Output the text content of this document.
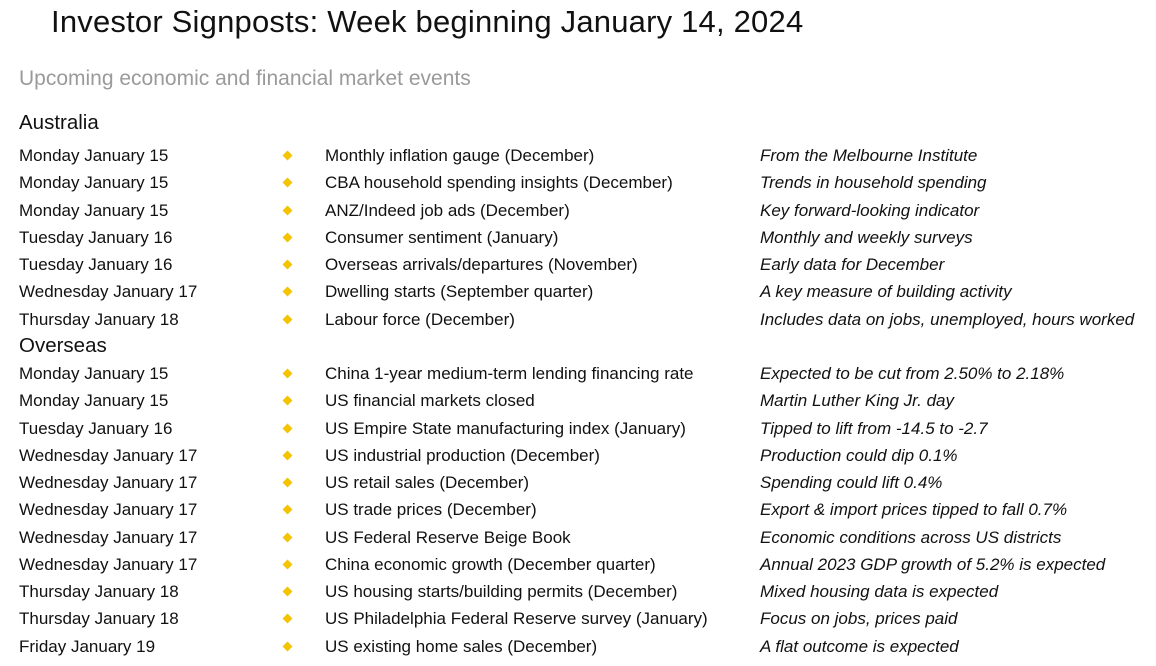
Investor Signposts: Week beginning January 14, 2024
Upcoming economic and financial market events
Australia
Monday January 15	Monthly inflation gauge (December)	From the Melbourne Institute
Monday January 15	CBA household spending insights (December)	Trends in household spending
Monday January 15	ANZ/Indeed job ads (December)	Key forward-looking indicator
Tuesday January 16	Consumer sentiment (January)	Monthly and weekly surveys
Tuesday January 16	Overseas arrivals/departures (November)	Early data for December
Wednesday January 17	Dwelling starts (September quarter)	A key measure of building activity
Thursday January 18	Labour force (December)	Includes data on jobs, unemployed, hours worked
Overseas
Monday January 15	China 1-year medium-term lending financing rate	Expected to be cut from 2.50% to 2.18%
Monday January 15	US financial markets closed	Martin Luther King Jr. day
Tuesday January 16	US Empire State manufacturing index (January)	Tipped to lift from -14.5 to -2.7
Wednesday January 17	US industrial production (December)	Production could dip 0.1%
Wednesday January 17	US retail sales (December)	Spending could lift 0.4%
Wednesday January 17	US trade prices (December)	Export & import prices tipped to fall 0.7%
Wednesday January 17	US Federal Reserve Beige Book	Economic conditions across US districts
Wednesday January 17	China economic growth (December quarter)	Annual 2023 GDP growth of 5.2% is expected
Thursday January 18	US housing starts/building permits (December)	Mixed housing data is expected
Thursday January 18	US Philadelphia Federal Reserve survey (January)	Focus on jobs, prices paid
Friday January 19	US existing home sales (December)	A flat outcome is expected
